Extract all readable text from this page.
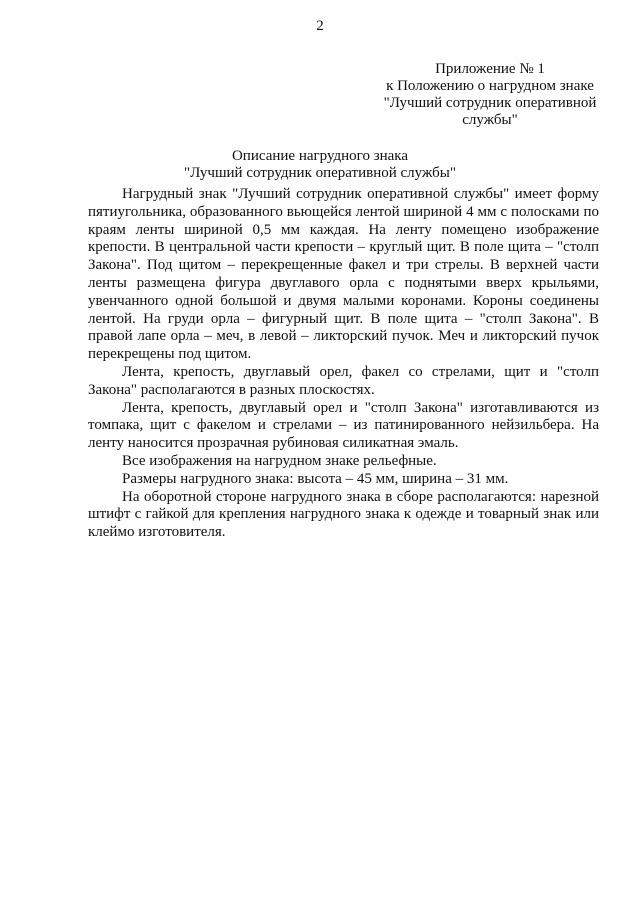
2
Приложение № 1
к Положению о нагрудном знаке
"Лучший сотрудник оперативной
службы"
Описание нагрудного знака
"Лучший сотрудник оперативной службы"

Нагрудный знак "Лучший сотрудник оперативной службы" имеет форму пятиугольника, образованного вьющейся лентой шириной 4 мм с полосками по краям ленты шириной 0,5 мм каждая. На ленту помещено изображение крепости. В центральной части крепости – круглый щит. В поле щита – "столп Закона". Под щитом – перекрещенные факел и три стрелы. В верхней части ленты размещена фигура двуглавого орла с поднятыми вверх крыльями, увенчанного одной большой и двумя малыми коронами. Короны соединены лентой. На груди орла – фигурный щит. В поле щита – "столп Закона". В правой лапе орла – меч, в левой – ликторский пучок. Меч и ликторский пучок перекрещены под щитом.

Лента, крепость, двуглавый орел, факел со стрелами, щит и "столп Закона" располагаются в разных плоскостях.

Лента, крепость, двуглавый орел и "столп Закона" изготавливаются из томпака, щит с факелом и стрелами – из патинированного нейзильбера. На ленту наносится прозрачная рубиновая силикатная эмаль.

Все изображения на нагрудном знаке рельефные.

Размеры нагрудного знака: высота – 45 мм, ширина – 31 мм.

На оборотной стороне нагрудного знака в сборе располагаются: нарезной штифт с гайкой для крепления нагрудного знака к одежде и товарный знак или клеймо изготовителя.
